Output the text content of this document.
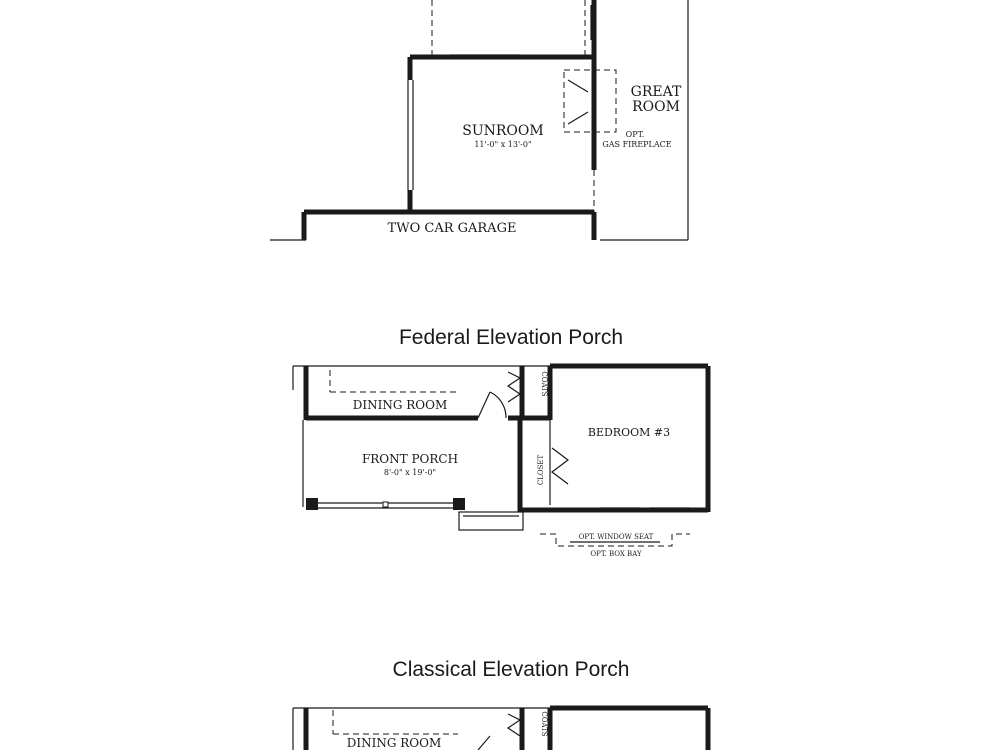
SUNROOM
11'-0" x 13'-0"
GREAT
ROOM
OPT.
GAS FIREPLACE
TWO CAR GARAGE
Federal Elevation Porch
COATS
CLOSET
DINING ROOM
FRONT PORCH
8'-0" x 19'-0"
BEDROOM #3
OPT. WINDOW SEAT
OPT. BOX BAY
Classical Elevation Porch
COATS
DINING ROOM
